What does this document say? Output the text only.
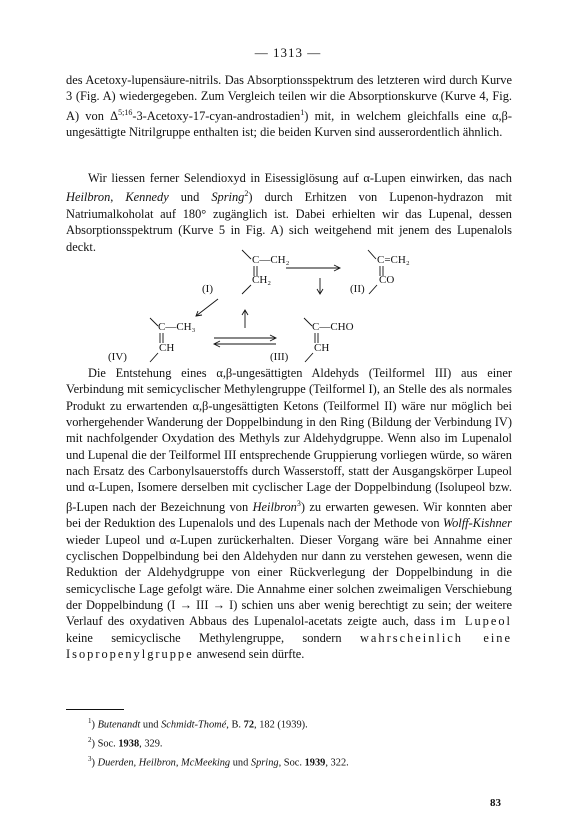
— 1313 —

des Acetoxy-lupensäure-nitrils. Das Absorptionsspektrum des letzteren wird durch Kurve 3 (Fig. A) wiedergegeben. Zum Vergleich teilen wir die Absorptionskurve (Kurve 4, Fig. A) von $\Delta^{5;16}-3-Acetoxy-17-cyan-androstadien^1$) mit, in welchem gleichfalls eine α,β-ungesättigte Nitrilgruppe enthalten ist; die beiden Kurven sind ausserordentlich ähnlich.

Wir liessen ferner Selendioxyd in Eisessiglösung auf α-Lupen einwirken, das nach Heilbron, Kennedy und Spring$^2$) durch Erhitzen von Lupenon-hydrazon mit Natriumalkoholat auf 180° zugänglich ist. Dabei erhielten wir das Lupenal, dessen Absorptionsspektrum (Kurve 5 in Fig. A) sich weitgehend mit jenem des Lupenalols deckt.

C—CH₂
CH₂
(I)
C=CH₂
CO
(II)
C—CH₃
CH
(IV)
C—CHO
CH
(III)

Die Entstehung eines α,β-ungesättigten Aldehyds (Teilformel III) aus einer Verbindung mit semicyclischer Methylengruppe (Teilformel I), an Stelle des als normales Produkt zu erwartenden α,β-ungesättigten Ketons (Teilformel II) wäre nur möglich bei vorhergehender Wanderung der Doppelbindung in den Ring (Bildung der Verbindung IV) mit nachfolgender Oxydation des Methyls zur Aldehydgruppe. Wenn also im Lupenalol und Lupenal die der Teilformel III entsprechende Gruppierung vorliegen würde, so wären nach Ersatz des Carbonylsauerstoffs durch Wasserstoff, statt der Ausgangskörper Lupeol und α-Lupen, Isomere derselben mit cyclischer Lage der Doppelbindung (Isolupeol bzw. β-Lupen nach der Bezeichnung von Heilbron$^3$) zu erwarten gewesen. Wir konnten aber bei der Reduktion des Lupenalols und des Lupenals nach der Methode von Wolff-Kishner wieder Lupeol und α-Lupen zurückerhalten. Dieser Vorgang wäre bei Annahme einer cyclischen Doppelbindung bei den Aldehyden nur dann zu verstehen gewesen, wenn die Reduktion der Aldehydgruppe von einer Rückverlegung der Doppelbindung in die semicyclische Lage gefolgt wäre. Die Annahme einer solchen zweimaligen Verschiebung der Doppelbindung (I → III → I) schien uns aber wenig berechtigt zu sein; der weitere Verlauf des oxydativen Abbaus des Lupenalol-acetats zeigte auch, dass im Lupeol keine semicyclische Methylengruppe, sondern wahrscheinlich eine Isopropenylgruppe anwesend sein dürfte.

$^1$) Butenandt und Schmidt-Thomé, B. 72, 182 (1939).
$^2$) Soc. 1938, 329.
$^3$) Duerden, Heilbron, McMeeking und Spring, Soc. 1939, 322.
83
